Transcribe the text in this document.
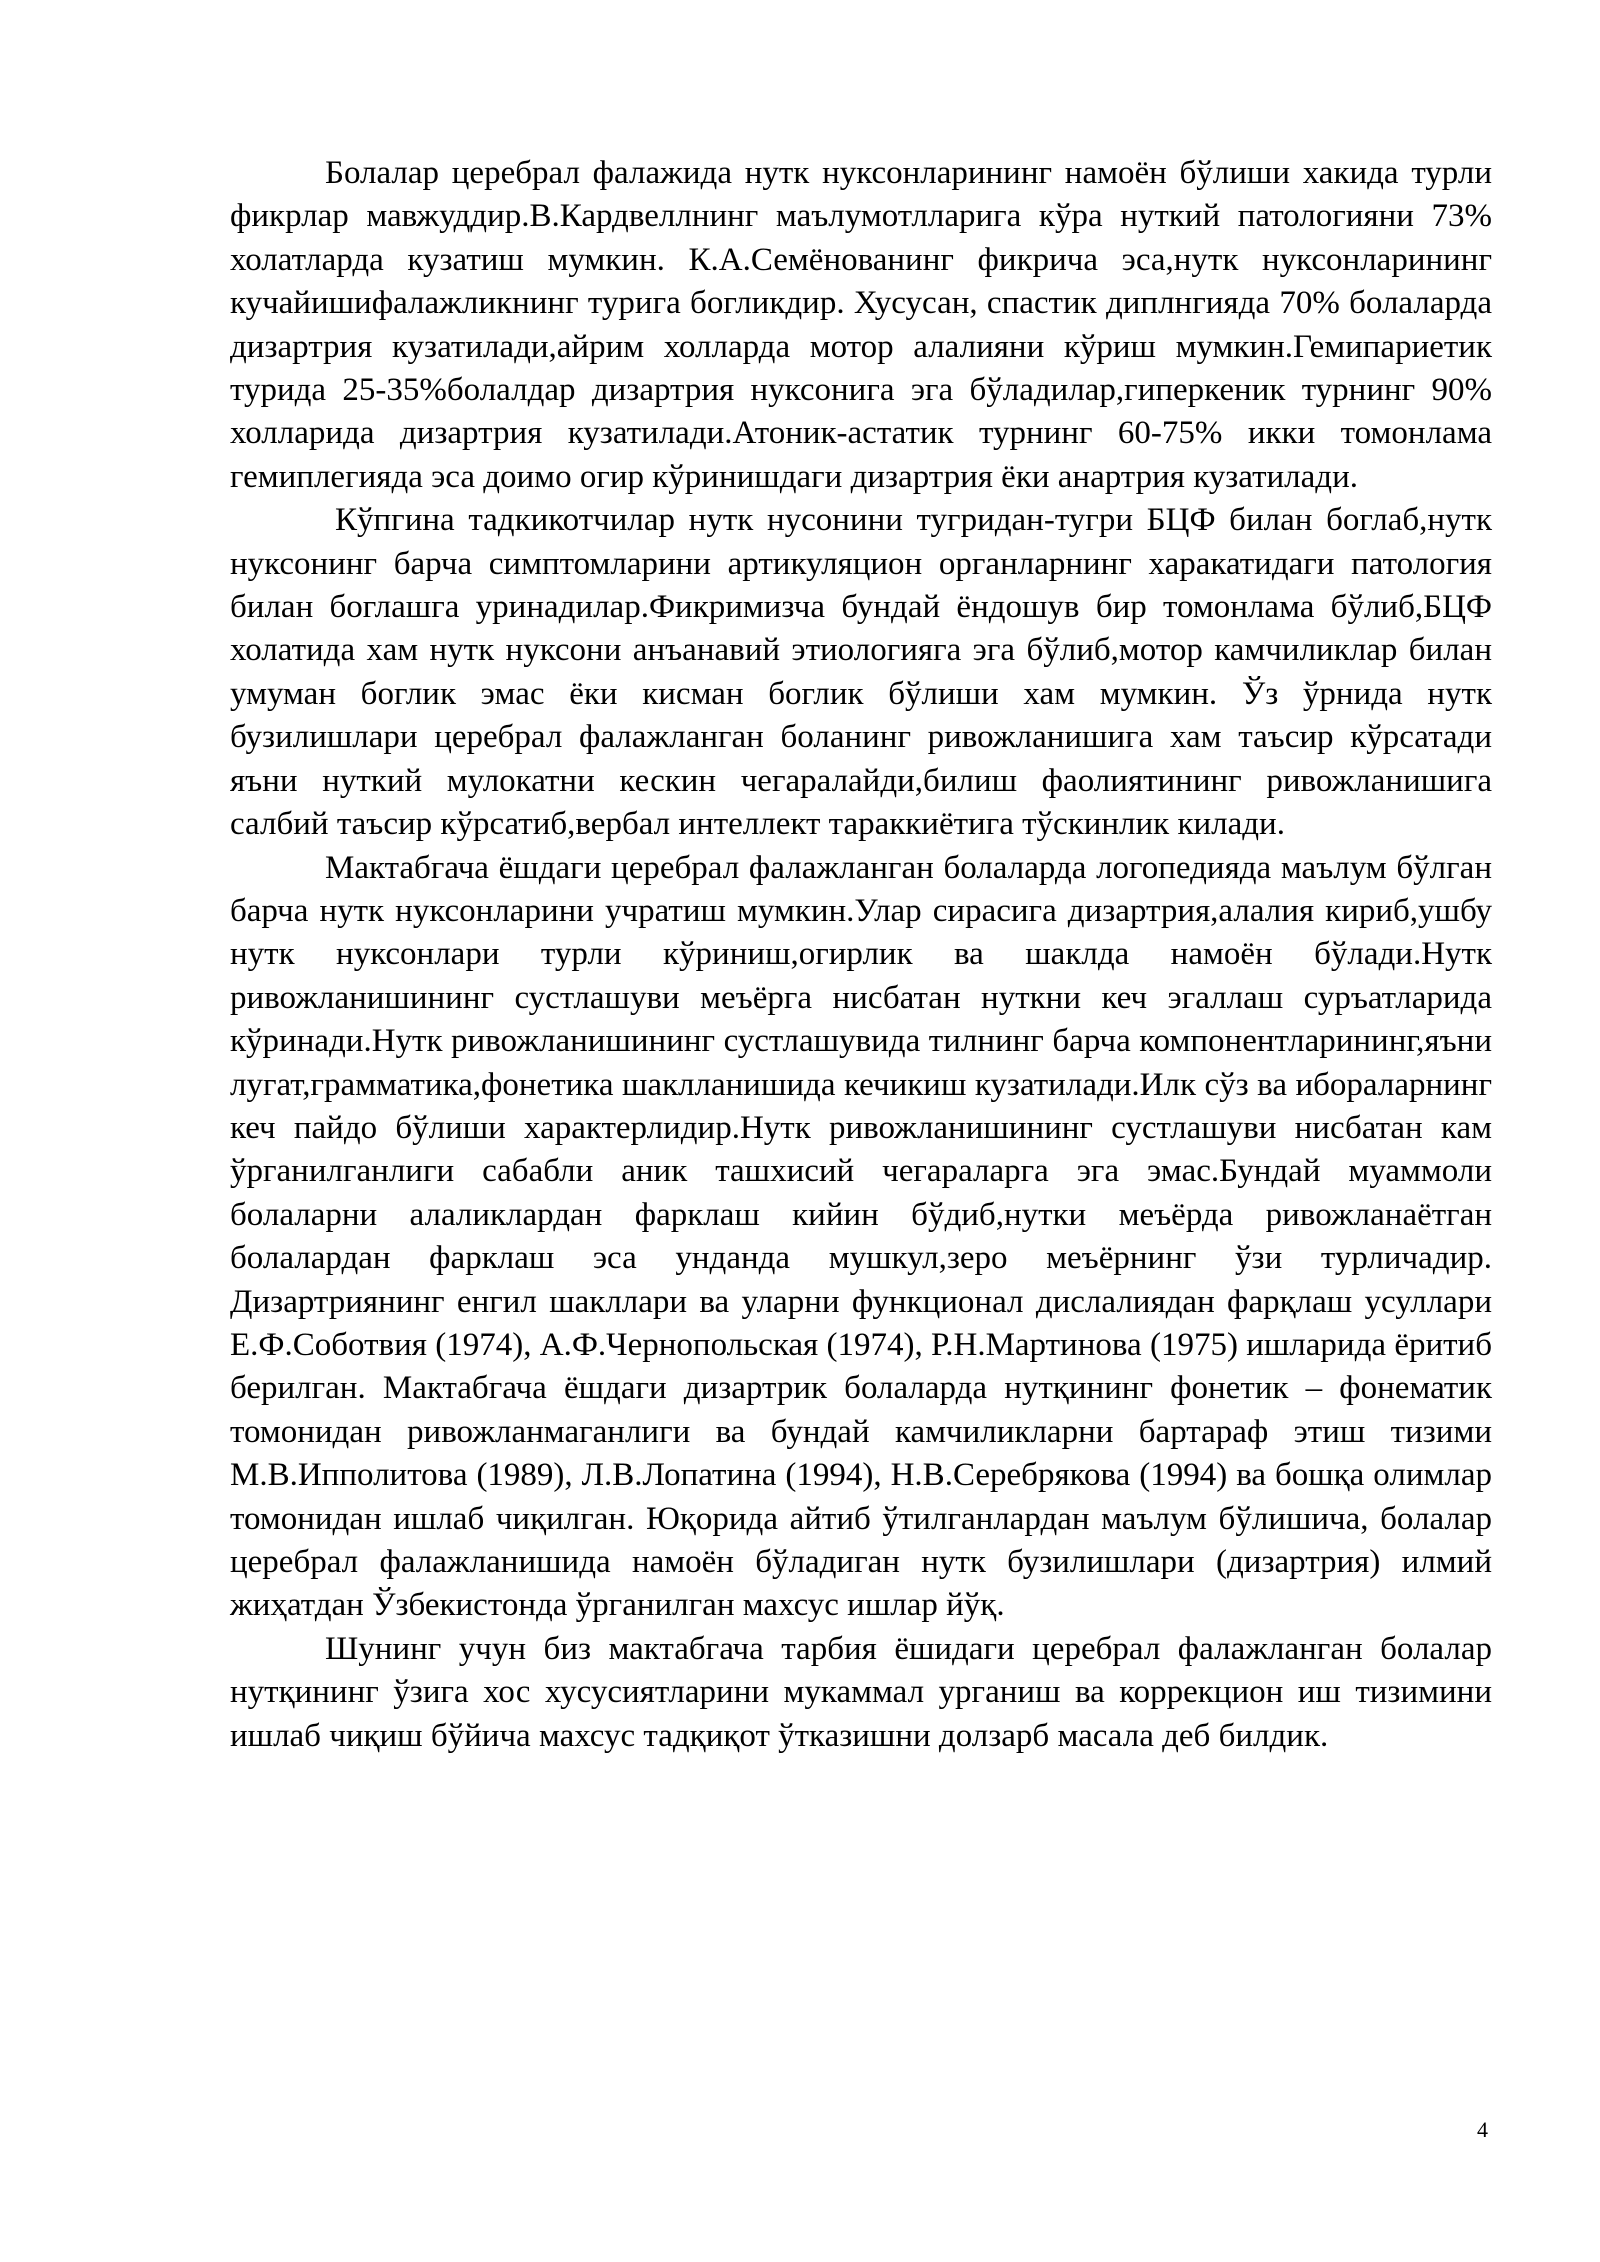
Болалар церебрал фалажида нутк нуксонларининг намоён бўлиши хакида турли фикрлар мавжуддир.В.Кардвеллнинг маълумотлларига кўра нуткий патологияни 73% холатларда кузатиш мумкин. К.А.Семёнованинг фикрича эса,нутк нуксонларининг кучайишифалажликнинг турига богликдир. Хусусан, спастик диплнгияда 70% болаларда дизартрия кузатилади,айрим холларда мотор алалияни кўриш мумкин.Гемипариетик турида 25-35%болалдар дизартрия нуксонига эга бўладилар,гиперкеник турнинг 90% холларида дизартрия кузатилади.Атоник-астатик турнинг 60-75% икки томонлама гемиплегияда эса доимо огир кўринишдаги дизартрия ёки анартрия кузатилади.

Кўпгина тадкикотчилар нутк нусонини тугридан-тугри БЦФ билан боглаб,нутк нуксонинг барча симптомларини артикуляцион органларнинг харакатидаги патология билан боглашга уринадилар.Фикримизча бундай ёндошув бир томонлама бўлиб,БЦФ холатида хам нутк нуксони анъанавий этиологияга эга бўлиб,мотор камчиликлар билан умуман боглик эмас ёки кисман боглик бўлиши хам мумкин. Ўз ўрнида нутк бузилишлари церебрал фалажланган боланинг ривожланишига хам таъсир кўрсатади яъни нуткий мулокатни кескин чегаралайди,билиш фаолиятининг ривожланишига салбий таъсир кўрсатиб,вербал интеллект тараккиётига тўскинлик килади.

Мактабгача ёшдаги церебрал фалажланган болаларда логопедияда маълум бўлган барча нутк нуксонларини учратиш мумкин.Улар сирасига дизартрия,алалия кириб,ушбу нутк нуксонлари турли кўриниш,огирлик ва шаклда намоён бўлади.Нутк ривожланишининг сустлашуви меъёрга нисбатан нуткни кеч эгаллаш суръатларида кўринади.Нутк ривожланишининг сустлашувида тилнинг барча компонентларининг,яъни лугат,грамматика,фонетика шаклланишида кечикиш кузатилади.Илк сўз ва ибораларнинг кеч пайдо бўлиши характерлидир.Нутк ривожланишининг сустлашуви нисбатан кам ўрганилганлиги сабабли аник ташхисий чегараларга эга эмас.Бундай муаммоли болаларни алаликлардан фарклаш кийин бўдиб,нутки меъёрда ривожланаётган болалардан фарклаш эса унданда мушкул,зеро меъёрнинг ўзи турличадир. Дизартриянинг енгил шакллари ва уларни функционал дислалиядан фарқлаш усуллари Е.Ф.Соботвия (1974), А.Ф.Чернопольская (1974), Р.Н.Мартинова (1975) ишларида ёритиб берилган. Мактабгача ёшдаги дизартрик болаларда нутқининг фонетик – фонематик томонидан ривожланмаганлиги ва бундай камчиликларни бартараф этиш тизими М.В.Ипполитова (1989), Л.В.Лопатина (1994), Н.В.Серебрякова (1994) ва бошқа олимлар томонидан ишлаб чиқилган. Юқорида айтиб ўтилганлардан маълум бўлишича, болалар церебрал фалажланишида намоён бўладиган нутк бузилишлари (дизартрия) илмий жиҳатдан Ўзбекистонда ўрганилган махсус ишлар йўқ.

Шунинг учун биз мактабгача тарбия ёшидаги церебрал фалажланган болалар нутқининг ўзига хос хусусиятларини мукаммал урганиш ва коррекцион иш тизимини ишлаб чиқиш бўйича махсус тадқиқот ўтказишни долзарб масала деб билдик.

4
